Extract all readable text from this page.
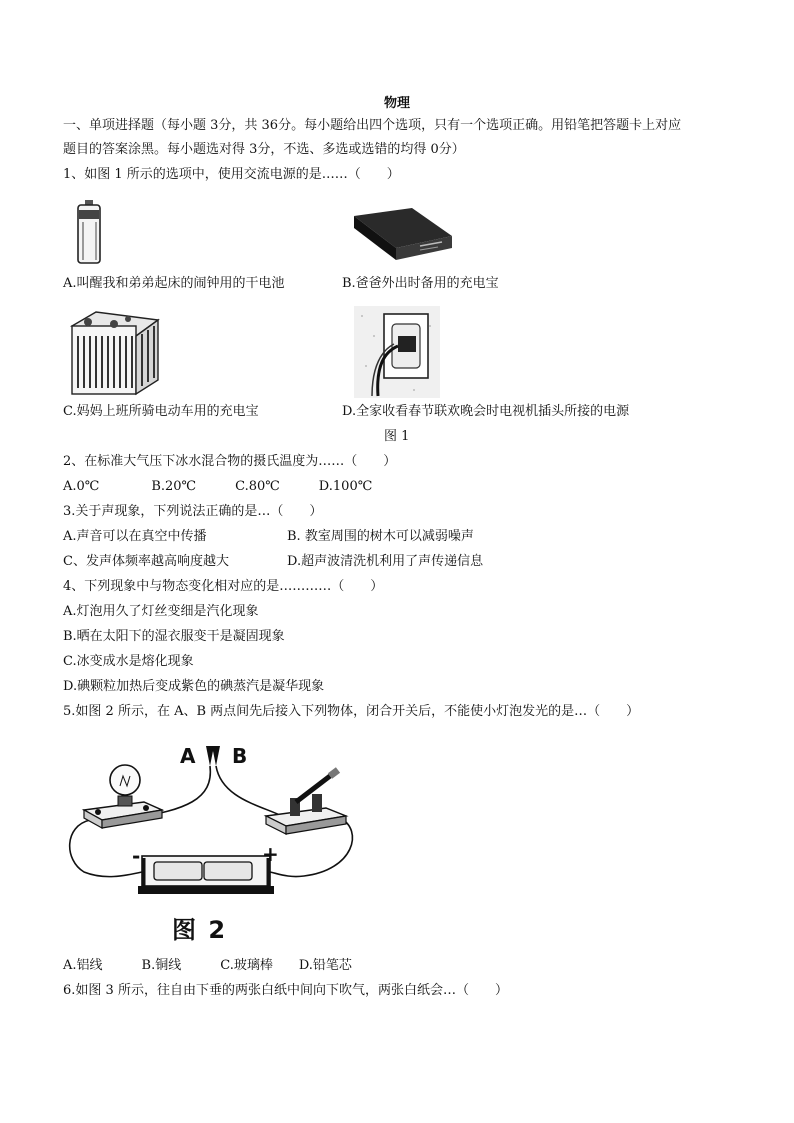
物理
一、单项进择题（每小题 3分，共 36分。每小题给出四个选项，只有一个选项正确。用铅笔把答题卡上对应
题目的答案涂黑。每小题选对得 3分，不选、多选或选错的均得 0分）
1、如图 1 所示的选项中，使用交流电源的是……（　　）
A.叫醒我和弟弟起床的闹钟用的干电池	B.爸爸外出时备用的充电宝
C.妈妈上班所骑电动车用的充电宝	D.全家收看春节联欢晚会时电视机插头所接的电源
图 1
2、在标准大气压下冰水混合物的摄氏温度为……（　　）
A.0℃　　　　B.20℃　　　C.80℃　　　D.100℃
3.关于声现象，下列说法正确的是…（　　）
A.声音可以在真空中传播	B. 教室周围的树木可以减弱噪声
C、发声体频率越高响度越大	D.超声波清洗机利用了声传递信息
4、下列现象中与物态变化相对应的是…………（　　）
A.灯泡用久了灯丝变细是汽化现象
B.晒在太阳下的湿衣服变干是凝固现象
C.冰变成水是熔化现象
D.碘颗粒加热后变成紫色的碘蒸汽是凝华现象
5.如图 2 所示，在 A、B 两点间先后接入下列物体，闭合开关后，不能使小灯泡发光的是…（　　）
A B
-	+
图 2
A.铝线　　　B.铜线　　　C.玻璃棒　　D.铅笔芯
6.如图 3 所示，往自由下垂的两张白纸中间向下吹气，两张白纸会…（　　）
